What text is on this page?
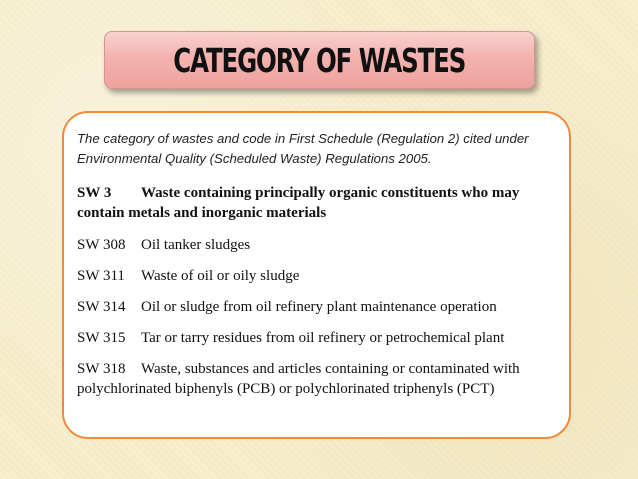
CATEGORY OF WASTES

The category of wastes and code in First Schedule (Regulation 2) cited under Environmental Quality (Scheduled Waste) Regulations 2005.

SW 3 Waste containing principally organic constituents who may contain metals and inorganic materials
SW 308 Oil tanker sludges
SW 311 Waste of oil or oily sludge
SW 314 Oil or sludge from oil refinery plant maintenance operation
SW 315 Tar or tarry residues from oil refinery or petrochemical plant
SW 318 Waste, substances and articles containing or contaminated with polychlorinated biphenyls (PCB) or polychlorinated triphenyls (PCT)
